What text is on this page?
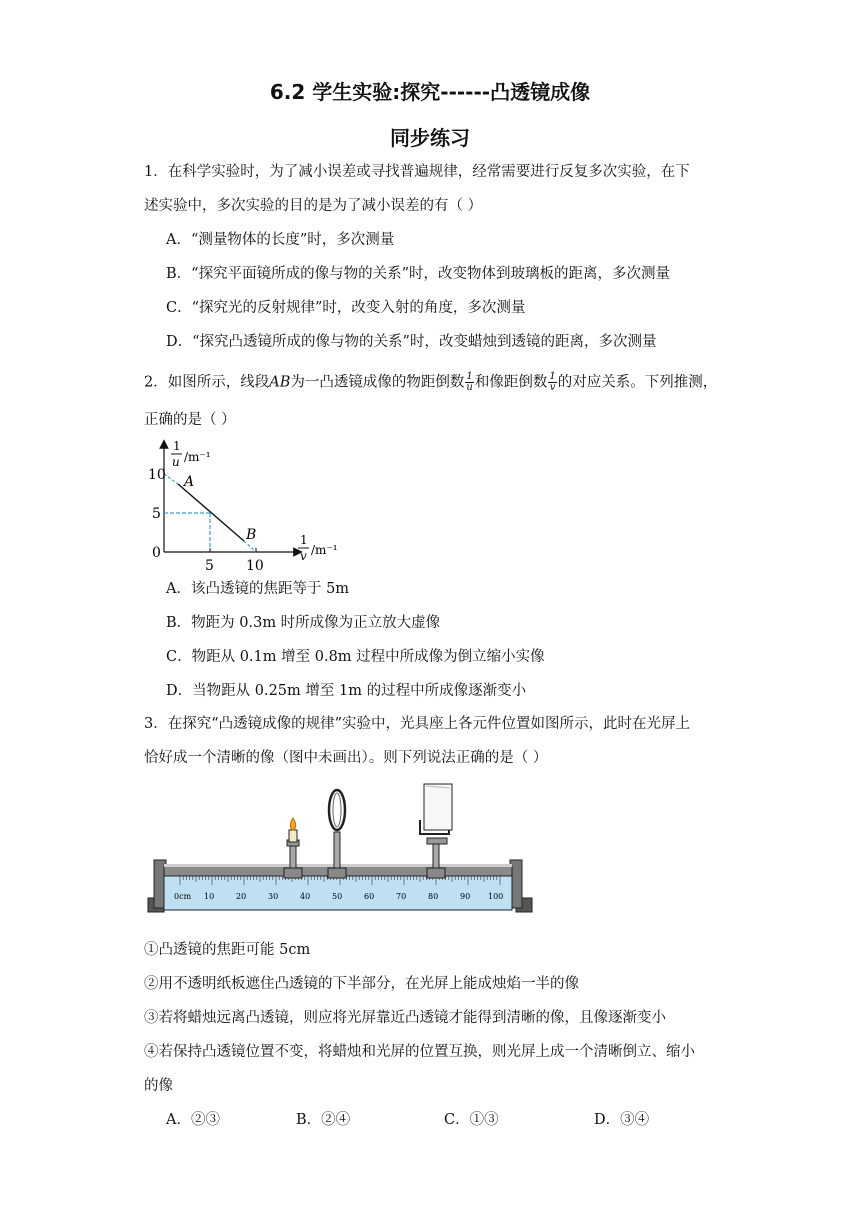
6.2 学生实验:探究------凸透镜成像
同步练习
1．在科学实验时，为了减小误差或寻找普遍规律，经常需要进行反复多次实验，在下
述实验中，多次实验的目的是为了减小误差的有（ ）
A．“测量物体的长度”时，多次测量
B．“探究平面镜所成的像与物的关系”时，改变物体到玻璃板的距离，多次测量
C．“探究光的反射规律”时，改变入射的角度，多次测量
D．“探究凸透镜所成的像与物的关系”时，改变蜡烛到透镜的距离，多次测量
2．如图所示，线段AB为一凸透镜成像的物距倒数 $\frac{1}{u}$ 和像距倒数 $\frac{1}{v}$ 的对应关系。下列推测，
正确的是（ ）
10
5
0
5 10
A
B
1
u /m⁻¹
1
v /m⁻¹
A．该凸透镜的焦距等于 5m
B．物距为 0.3m 时所成像为正立放大虚像
C．物距从 0.1m 增至 0.8m 过程中所成像为倒立缩小实像
D．当物距从 0.25m 增至 1m 的过程中所成像逐渐变小
3．在探究“凸透镜成像的规律”实验中，光具座上各元件位置如图所示，此时在光屏上
恰好成一个清晰的像（图中未画出）。则下列说法正确的是（ ）
0cm 10	20	30	40	50	60	70	80	90 100
①凸透镜的焦距可能 5cm
②用不透明纸板遮住凸透镜的下半部分，在光屏上能成烛焰一半的像
③若将蜡烛远离凸透镜，则应将光屏靠近凸透镜才能得到清晰的像，且像逐渐变小
④若保持凸透镜位置不变，将蜡烛和光屏的位置互换，则光屏上成一个清晰倒立、缩小
的像
A．②③	B．②④	C．①③	D．③④
